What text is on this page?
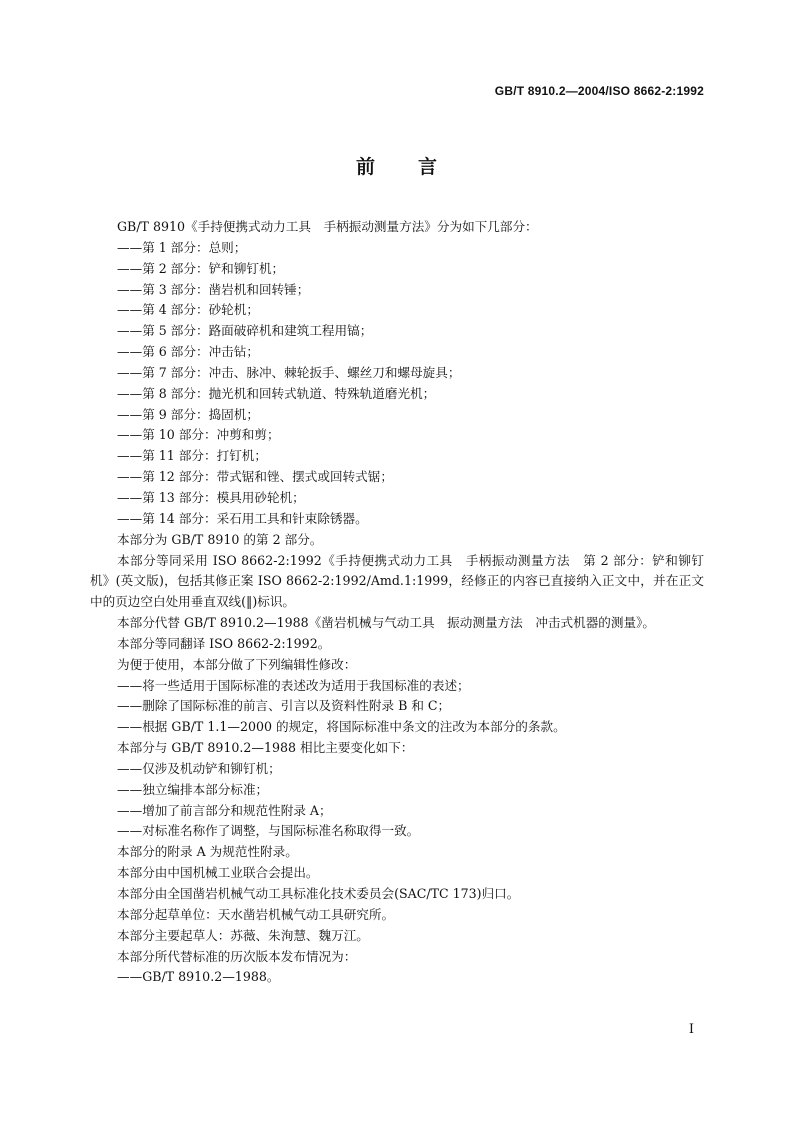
GB/T 8910.2—2004/ISO 8662-2:1992
前 言

GB/T 8910《手持便携式动力工具　手柄振动测量方法》分为如下几部分：

——第 1 部分：总则；

——第 2 部分：铲和铆钉机；

——第 3 部分：凿岩机和回转锤；

——第 4 部分：砂轮机；

——第 5 部分：路面破碎机和建筑工程用镐；

——第 6 部分：冲击钻；

——第 7 部分：冲击、脉冲、棘轮扳手、螺丝刀和螺母旋具；

——第 8 部分：抛光机和回转式轨道、特殊轨道磨光机；

——第 9 部分：捣固机；

——第 10 部分：冲剪和剪；

——第 11 部分：打钉机；

——第 12 部分：带式锯和锉、摆式或回转式锯；

——第 13 部分：模具用砂轮机；

——第 14 部分：采石用工具和针束除锈器。

本部分为 GB/T 8910 的第 2 部分。

本部分等同采用 ISO 8662-2:1992《手持便携式动力工具　手柄振动测量方法　第 2 部分：铲和铆钉机》(英文版)，包括其修正案 ISO 8662-2:1992/Amd.1:1999，经修正的内容已直接纳入正文中，并在正文中的页边空白处用垂直双线(‖)标识。

本部分代替 GB/T 8910.2—1988《凿岩机械与气动工具　振动测量方法　冲击式机器的测量》。

本部分等同翻译 ISO 8662-2:1992。

为便于使用，本部分做了下列编辑性修改：

——将一些适用于国际标准的表述改为适用于我国标准的表述；

——删除了国际标准的前言、引言以及资料性附录 B 和 C；

——根据 GB/T 1.1—2000 的规定，将国际标准中条文的注改为本部分的条款。

本部分与 GB/T 8910.2—1988 相比主要变化如下：

——仅涉及机动铲和铆钉机；

——独立编排本部分标准；

——增加了前言部分和规范性附录 A；

——对标准名称作了调整，与国际标准名称取得一致。

本部分的附录 A 为规范性附录。

本部分由中国机械工业联合会提出。

本部分由全国凿岩机械气动工具标准化技术委员会(SAC/TC 173)归口。

本部分起草单位：天水凿岩机械气动工具研究所。

本部分主要起草人：苏薇、朱洵慧、魏万江。

本部分所代替标准的历次版本发布情况为：

——GB/T 8910.2—1988。

I
